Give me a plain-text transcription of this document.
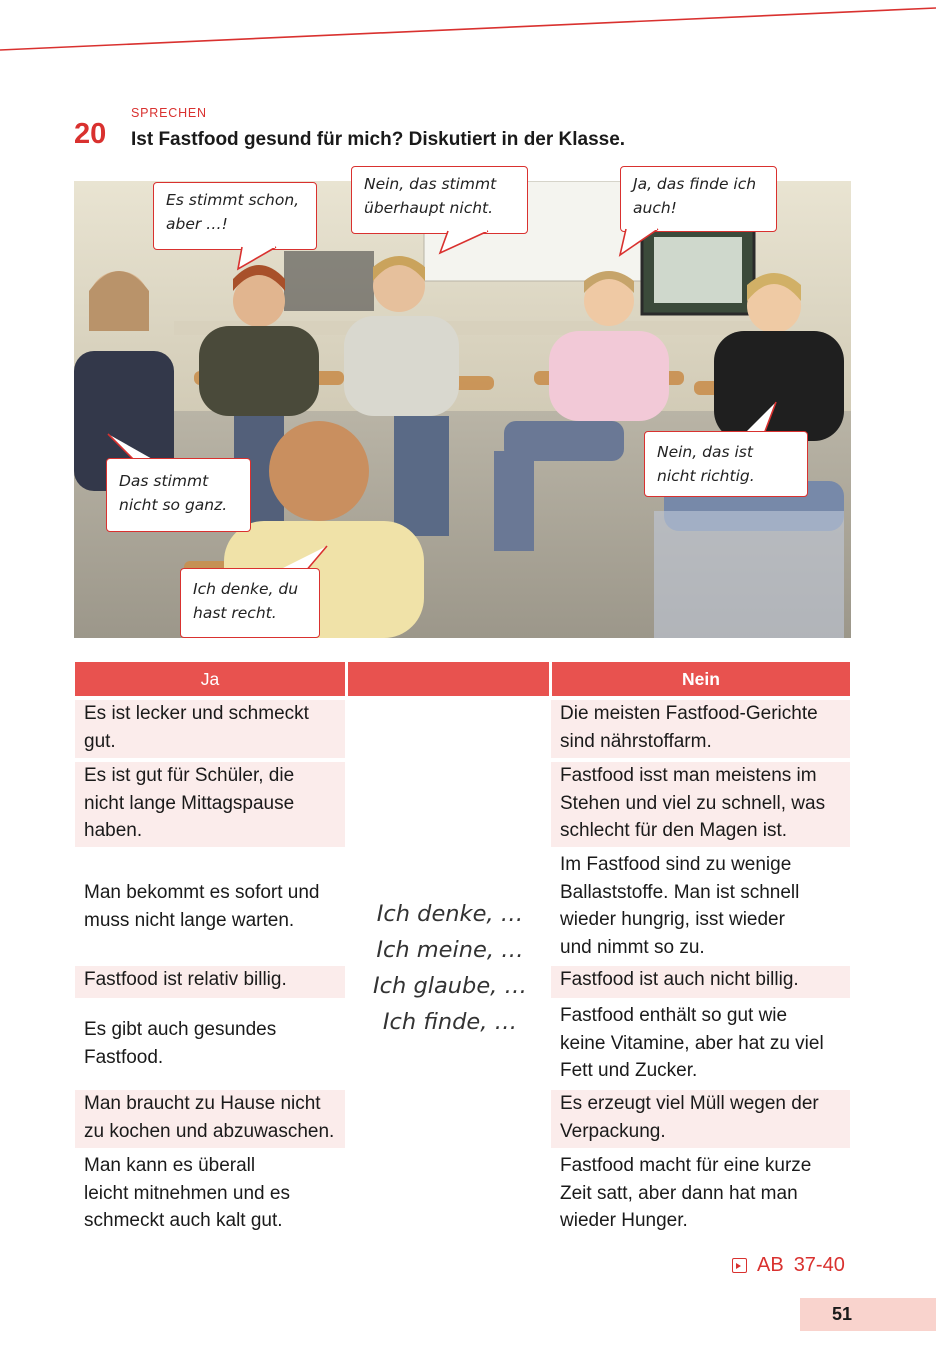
SPRECHEN
20 Ist Fastfood gesund für mich? Diskutiert in der Klasse.
Es stimmt schon,
aber …!
Nein, das stimmt
überhaupt nicht.
Ja, das finde ich
auch!
Das stimmt
nicht so ganz.
Nein, das ist
nicht richtig.
Ich denke, du
hast recht.
Ja	Nein
Es ist lecker und schmeckt
gut.
Es ist gut für Schüler, die
nicht lange Mittagspause
haben.
Man bekommt es sofort und
muss nicht lange warten.
Fastfood ist relativ billig.
Es gibt auch gesundes
Fastfood.
Man braucht zu Hause nicht
zu kochen und abzuwaschen.
Man kann es überall
leicht mitnehmen und es
schmeckt auch kalt gut.
Die meisten Fastfood-Gerichte
sind nährstoffarm.
Fastfood isst man meistens im
Stehen und viel zu schnell, was
schlecht für den Magen ist.
Im Fastfood sind zu wenige
Ballaststoffe. Man ist schnell
wieder hungrig, isst wieder
und nimmt so zu.
Fastfood ist auch nicht billig.
Fastfood enthält so gut wie
keine Vitamine, aber hat zu viel
Fett und Zucker.
Es erzeugt viel Müll wegen der
Verpackung.
Fastfood macht für eine kurze
Zeit satt, aber dann hat man
wieder Hunger.
Ich denke, …
Ich meine, …
Ich glaube, …
Ich finde, …
AB 37-40
51
